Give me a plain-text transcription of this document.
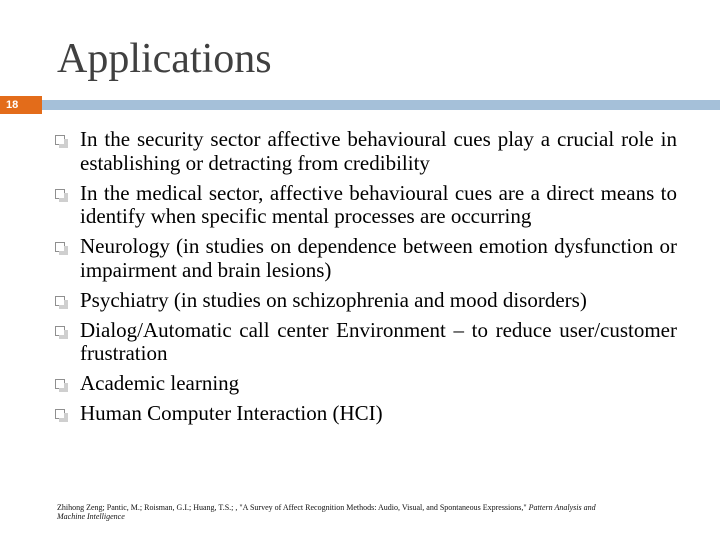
Applications
18
In the security sector affective behavioural cues play a crucial role in establishing or detracting from credibility
In the medical sector, affective behavioural cues are a direct means to identify when specific mental processes are occurring
Neurology (in studies on dependence between emotion dysfunction or impairment and brain lesions)
Psychiatry (in studies on schizophrenia and mood disorders)
Dialog/Automatic call center Environment – to reduce user/customer frustration
Academic learning
Human Computer Interaction (HCI)
Zhihong Zeng; Pantic, M.; Roisman, G.I.; Huang, T.S.; , "A Survey of Affect Recognition Methods: Audio, Visual, and Spontaneous Expressions," Pattern Analysis and Machine Intelligence
